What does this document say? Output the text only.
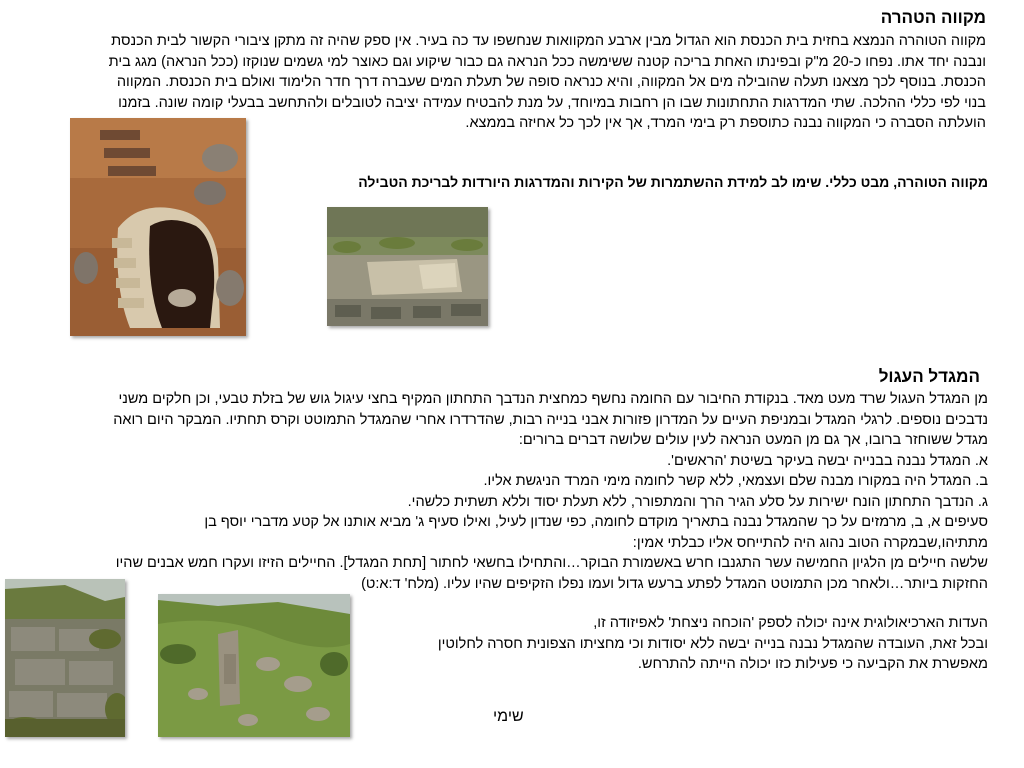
מקווה הטהרה
מקווה הטוהרה הנמצא בחזית בית הכנסת הוא הגדול מבין ארבע המקוואות שנחשפו עד כה בעיר. אין ספק שהיה זה מתקן ציבורי הקשור לבית הכנסת
ונבנה יחד אתו. נפחו כ-20 מ"ק ובפינתו האחת בריכה קטנה ששימשה ככל הנראה גם כבור שיקוע וגם כאוצר למי גשמים שנוקזו (ככל הנראה) מגג בית
הכנסת. בנוסף לכך מצאנו תעלה שהובילה מים אל המקווה, והיא כנראה סופה של תעלת המים שעברה דרך חדר הלימוד ואולם בית הכנסת. המקווה
בנוי לפי כללי ההלכה. שתי המדרגות התחתונות שבו הן רחבות במיוחד, על מנת להבטיח עמידה יציבה לטובלים ולהתחשב בבעלי קומה שונה. בזמנו
הועלתה הסברה כי המקווה נבנה כתוספת רק בימי המרד, אך אין לכך כל אחיזה בממצא.
מקווה הטוהרה, מבט כללי. שימו לב למידת ההשתמרות של הקירות והמדרגות היורדות לבריכת הטבילה
המגדל העגול
מן המגדל העגול שרד מעט מאד. בנקודת החיבור עם החומה נחשף כמחצית הנדבך התחתון המקיף בחצי עיגול גוש של בזלת טבעי, וכן חלקים משני
נדבכים נוספים. לרגלי המגדל ובמניפת העיים על המדרון פזורות אבני בנייה רבות, שהדרדרו אחרי שהמגדל התמוטט וקרס תחתיו. המבקר היום רואה
מגדל ששוחזר ברובו, אך גם מן המעט הנראה לעין עולים שלושה דברים ברורים:
א. המגדל נבנה בבנייה יבשה בעיקר בשיטת 'הראשים'.
ב. המגדל היה במקורו מבנה שלם ועצמאי, ללא קשר לחומה מימי המרד הניגשת אליו.
ג. הנדבך התחתון הונח ישירות על סלע הגיר הרך והמתפורר, ללא תעלת יסוד וללא תשתית כלשהי.
סעיפים א, ב, מרמזים על כך שהמגדל נבנה בתאריך מוקדם לחומה, כפי שנדון לעיל, ואילו סעיף ג' מביא אותנו אל קטע מדברי יוסף בן
מתתיהו,שבמקרה הטוב נהוג היה להתייחס אליו כבלתי אמין:
שלשה חיילים מן הלגיון החמישה עשר התגנבו חרש באשמורת הבוקר…והתחילו בחשאי לחתור [תחת המגדל]. החיילים הזיזו ועקרו חמש אבנים שהיו
החזקות ביותר…ולאחר מכן התמוטט המגדל לפתע ברעש גדול ועמו נפלו הזקיפים שהיו עליו. (מלח' ד:א:ט)
העדות הארכיאולוגית אינה יכולה לספק 'הוכחה ניצחת' לאפיזודה זו,
ובכל זאת, העובדה שהמגדל נבנה בנייה יבשה ללא יסודות וכי מחציתו הצפונית חסרה לחלוטין
מאפשרת את הקביעה כי פעילות כזו יכולה הייתה להתרחש.
שימי
